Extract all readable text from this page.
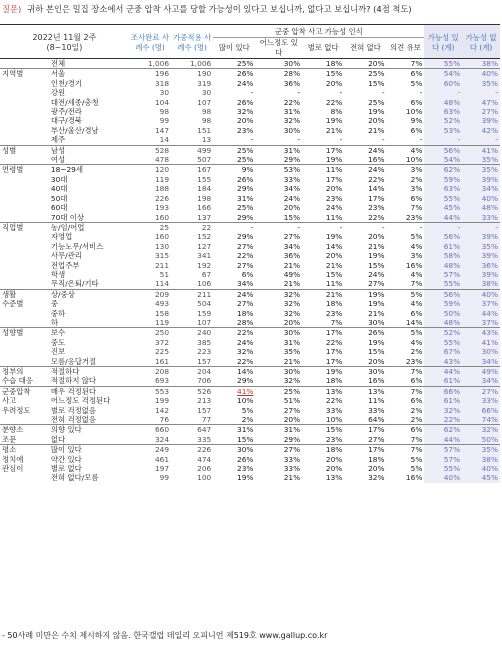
질문) 귀하 본인은 밀집 장소에서 군중 압착 사고를 당할 가능성이 있다고 보십니까, 없다고 보십니까? (4점 척도)
2022년 11월 2주
(8~10일)		조사완료 사례수 (명)	가중적용 사례수 (명)	군중 압착 사고 가능성 인식					가능성 있다 (계)	가능성 없다 (계)
				많이 있다	어느정도 있다	별로 없다	전혀 없다	의견 유보		
	전체	1,006	1,006	25%	30%	18%	20%	7%	55%	38%
지역별	서울	196	190	26%	28%	15%	25%	6%	54%	40%
	인천/경기	318	319	24%	36%	20%	15%	5%	60%	35%
	강원	30	30	-	-	-	-	-	-	-
	대전/세종/충청	104	107	26%	22%	22%	25%	6%	48%	47%
	광주/전라	98	98	32%	31%	8%	19%	10%	63%	27%
	대구/경북	99	98	20%	32%	19%	20%	9%	52%	39%
	부산/울산/경남	147	151	23%	30%	21%	21%	6%	53%	42%
	제주	14	13	-	-	-	-	-	-	-
성별	남성	528	499	25%	31%	17%	24%	4%	56%	41%
	여성	478	507	25%	29%	19%	16%	10%	54%	35%
연령별	18~29세	120	167	9%	53%	11%	24%	3%	62%	35%
	30대	119	155	26%	33%	17%	22%	2%	59%	39%
	40대	188	184	29%	34%	20%	14%	3%	63%	34%
	50대	226	198	31%	24%	23%	17%	6%	55%	40%
	60대	193	166	25%	20%	24%	23%	7%	45%	48%
	70대 이상	160	137	29%	15%	11%	22%	23%	44%	33%
직업별	농/임/어업	25	22	-	-	-	-	-	-	-
	자영업	160	152	29%	27%	19%	20%	5%	56%	39%
	기능노무/서비스	130	127	27%	34%	14%	21%	4%	61%	35%
	사무/관리	315	341	22%	36%	20%	19%	3%	58%	39%
	전업주부	211	192	27%	21%	21%	15%	16%	48%	36%
	학생	51	67	6%	49%	15%	24%	4%	57%	39%
	무직/은퇴/기타	114	106	34%	21%	11%	27%	7%	55%	38%
생활	상/중상	209	211	24%	32%	21%	19%	5%	56%	40%
수준별	중	493	504	27%	32%	18%	19%	4%	59%	37%
	중하	158	159	18%	32%	23%	21%	6%	50%	44%
	하	119	107	28%	20%	7%	30%	14%	48%	37%
성향별	보수	250	240	22%	30%	17%	26%	5%	52%	43%
	중도	372	385	24%	31%	22%	19%	4%	55%	41%
	진보	225	223	32%	35%	17%	15%	2%	67%	30%
	모름/응답거절	161	157	22%	21%	17%	20%	23%	43%	34%
정부의	적절하다	208	204	14%	30%	19%	30%	7%	44%	49%
수습 대응	적절하지 않다	693	706	29%	32%	18%	16%	6%	61%	34%
군중압착	매우 걱정된다	553	526	41%	25%	13%	13%	7%	66%	27%
사고	어느정도 걱정된다	199	213	10%	51%	22%	11%	6%	61%	33%
우려정도	별로 걱정없음	142	157	5%	27%	33%	33%	2%	32%	66%
	전혀 걱정없음	76	77	2%	20%	10%	64%	2%	22%	74%
분향소	의향 있다	660	647	31%	31%	15%	17%	6%	62%	32%
조문	없다	324	335	15%	29%	23%	27%	7%	44%	50%
평소	많이 있다	249	226	30%	27%	18%	17%	7%	57%	35%
정치에	약간 있다	461	474	26%	33%	20%	18%	5%	57%	38%
관심이	별로 없다	197	206	23%	33%	20%	20%	5%	55%	40%
	전혀 없다/모름	99	100	19%	21%	13%	32%	16%	40%	45%
- 50사례 미만은 수치 제시하지 않음. 한국갤럽 데일리 오피니언 제519호 www.gallup.co.kr
